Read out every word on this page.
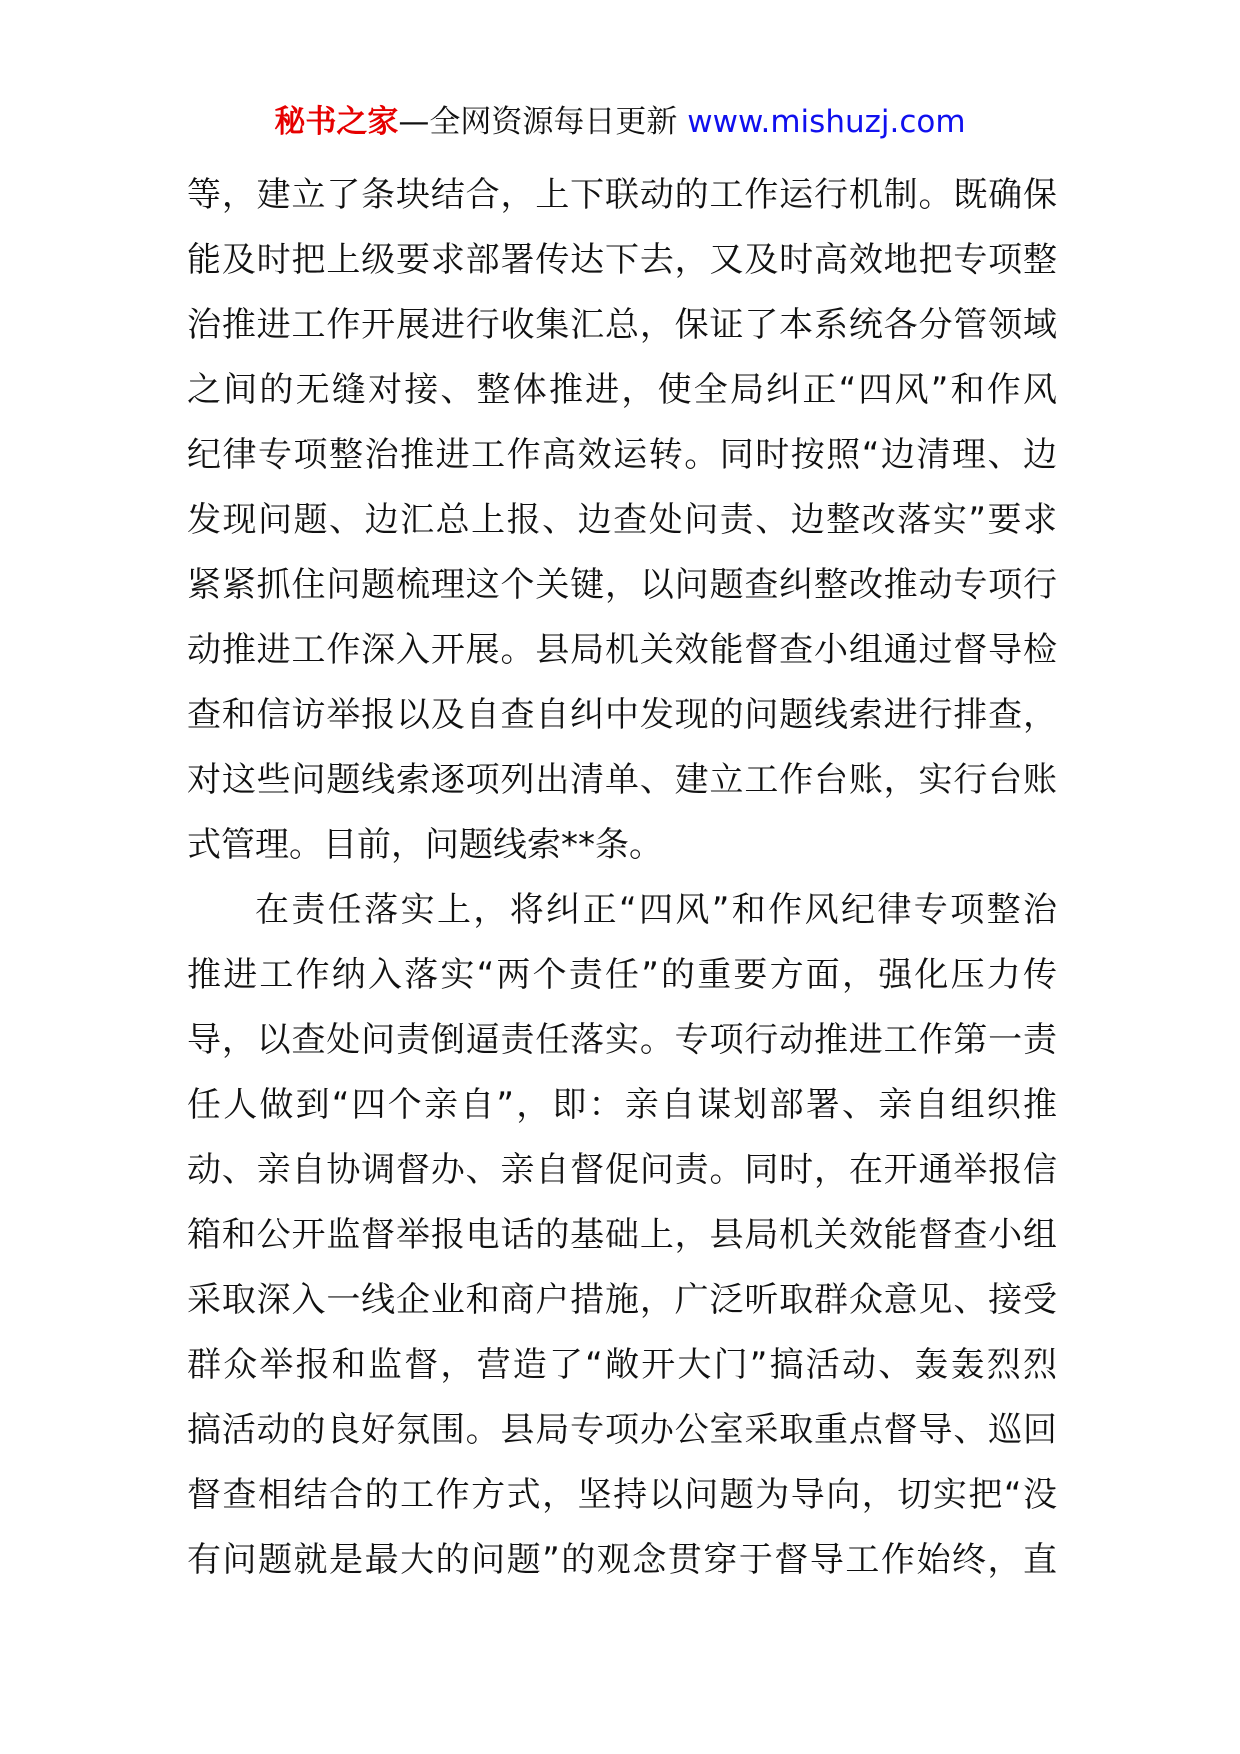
秘书之家—全网资源每日更新 www.mishuzj.com
等，建立了条块结合，上下联动的工作运行机制。既确保
能及时把上级要求部署传达下去，又及时高效地把专项整
治推进工作开展进行收集汇总，保证了本系统各分管领域
之间的无缝对接、整体推进，使全局纠正“四风”和作风
纪律专项整治推进工作高效运转。同时按照“边清理、边
发现问题、边汇总上报、边查处问责、边整改落实”要求
紧紧抓住问题梳理这个关键，以问题查纠整改推动专项行
动推进工作深入开展。县局机关效能督查小组通过督导检
查和信访举报以及自查自纠中发现的问题线索进行排查，
对这些问题线索逐项列出清单、建立工作台账，实行台账
式管理。目前，问题线索**条。
在责任落实上，将纠正“四风”和作风纪律专项整治
推进工作纳入落实“两个责任”的重要方面，强化压力传
导，以查处问责倒逼责任落实。专项行动推进工作第一责
任人做到“四个亲自”，即：亲自谋划部署、亲自组织推
动、亲自协调督办、亲自督促问责。同时，在开通举报信
箱和公开监督举报电话的基础上，县局机关效能督查小组
采取深入一线企业和商户措施，广泛听取群众意见、接受
群众举报和监督，营造了“敞开大门”搞活动、轰轰烈烈
搞活动的良好氛围。县局专项办公室采取重点督导、巡回
督查相结合的工作方式，坚持以问题为导向，切实把“没
有问题就是最大的问题”的观念贯穿于督导工作始终，直
